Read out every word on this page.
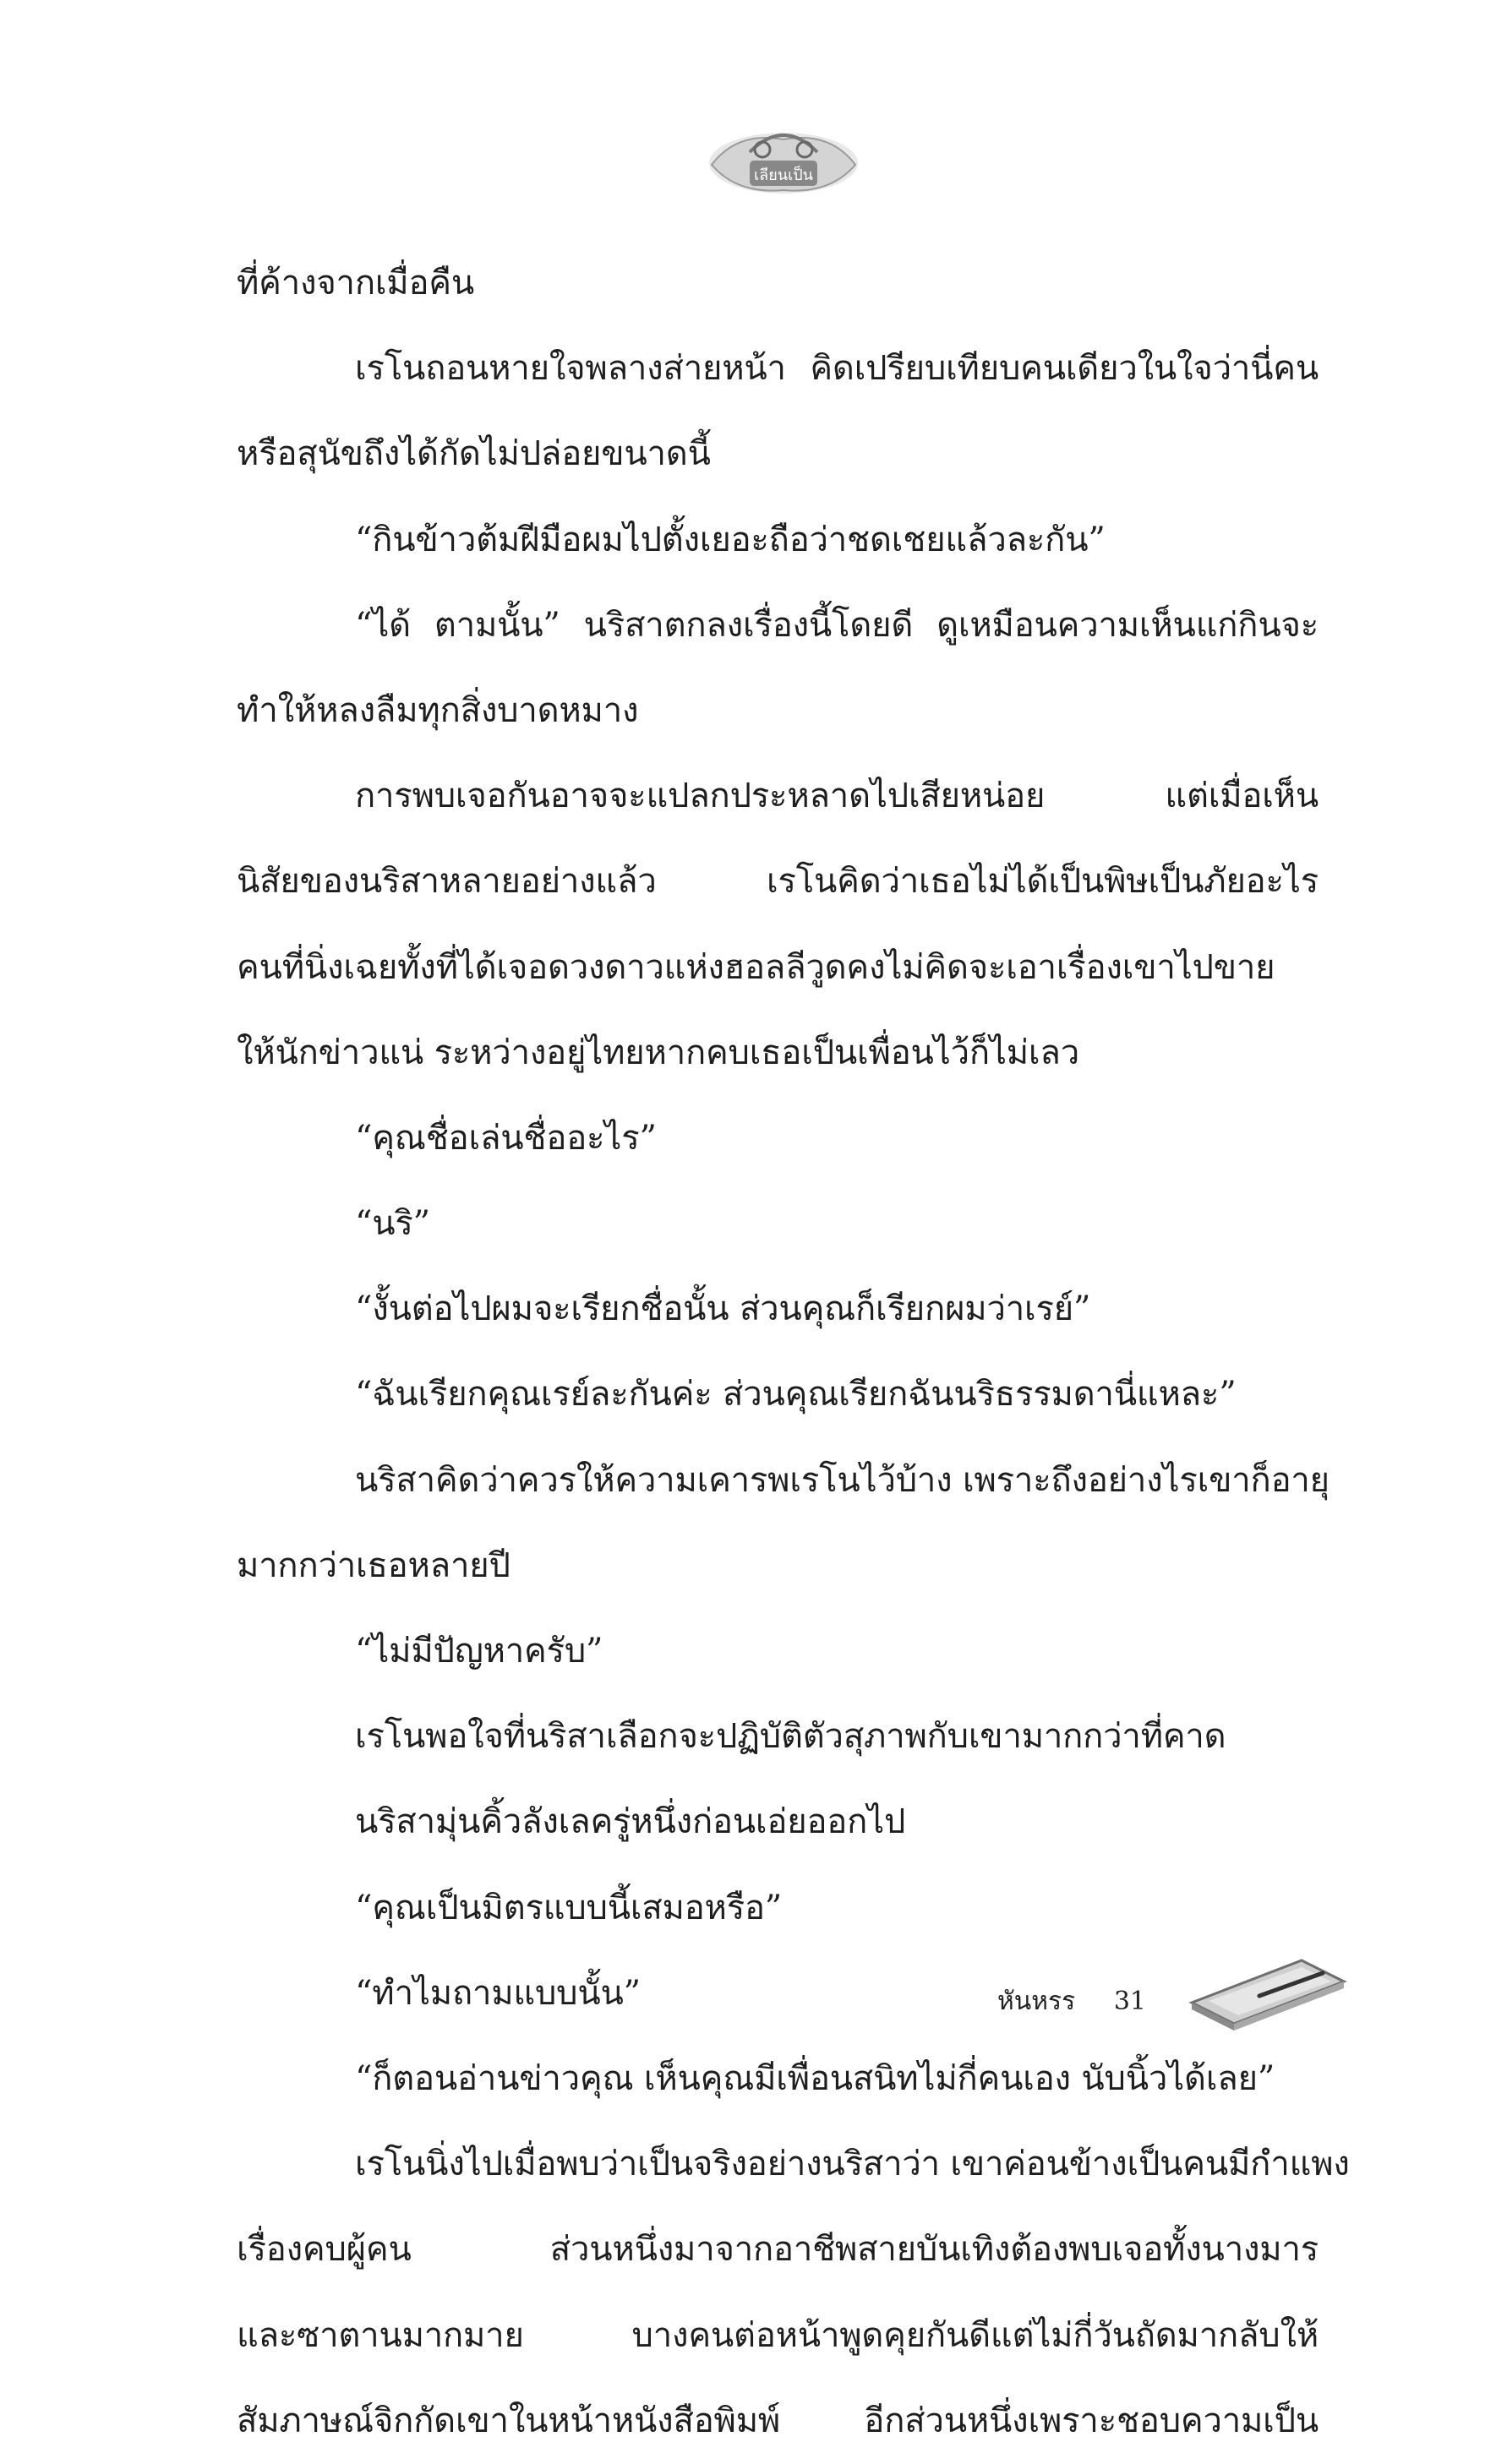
เลียนเป็น
ที่ค้างจากเมื่อคืน
เรโนถอนหายใจพลางส่ายหน้า คิดเปรียบเทียบคนเดียวในใจว่านี่คน
หรือสุนัขถึงได้กัดไม่ปล่อยขนาดนี้
“กินข้าวต้มฝีมือผมไปตั้งเยอะถือว่าชดเชยแล้วละกัน”
“ได้ ตามนั้น” นริสาตกลงเรื่องนี้โดยดี ดูเหมือนความเห็นแก่กินจะ
ทำให้หลงลืมทุกสิ่งบาดหมาง
การพบเจอกันอาจจะแปลกประหลาดไปเสียหน่อย แต่เมื่อเห็น
นิสัยของนริสาหลายอย่างแล้ว เรโนคิดว่าเธอไม่ได้เป็นพิษเป็นภัยอะไร
คนที่นิ่งเฉยทั้งที่ได้เจอดวงดาวแห่งฮอลลีวูดคงไม่คิดจะเอาเรื่องเขาไปขาย
ให้นักข่าวแน่ ระหว่างอยู่ไทยหากคบเธอเป็นเพื่อนไว้ก็ไม่เลว
“คุณชื่อเล่นชื่ออะไร”
“นริ”
“งั้นต่อไปผมจะเรียกชื่อนั้น ส่วนคุณก็เรียกผมว่าเรย์”
“ฉันเรียกคุณเรย์ละกันค่ะ ส่วนคุณเรียกฉันนริธรรมดานี่แหละ”
นริสาคิดว่าควรให้ความเคารพเรโนไว้บ้าง เพราะถึงอย่างไรเขาก็อายุ
มากกว่าเธอหลายปี
“ไม่มีปัญหาครับ”
เรโนพอใจที่นริสาเลือกจะปฏิบัติตัวสุภาพกับเขามากกว่าที่คาด
นริสามุ่นคิ้วลังเลครู่หนึ่งก่อนเอ่ยออกไป
“คุณเป็นมิตรแบบนี้เสมอหรือ”
“ทำไมถามแบบนั้น”
“ก็ตอนอ่านข่าวคุณ เห็นคุณมีเพื่อนสนิทไม่กี่คนเอง นับนิ้วได้เลย”
เรโนนิ่งไปเมื่อพบว่าเป็นจริงอย่างนริสาว่า เขาค่อนข้างเป็นคนมีกำแพง
เรื่องคบผู้คน ส่วนหนึ่งมาจากอาชีพสายบันเทิงต้องพบเจอทั้งนางมาร
และซาตานมากมาย บางคนต่อหน้าพูดคุยกันดีแต่ไม่กี่วันถัดมากลับให้
สัมภาษณ์จิกกัดเขาในหน้าหนังสือพิมพ์ อีกส่วนหนึ่งเพราะชอบความเป็น
หันหรร 31
